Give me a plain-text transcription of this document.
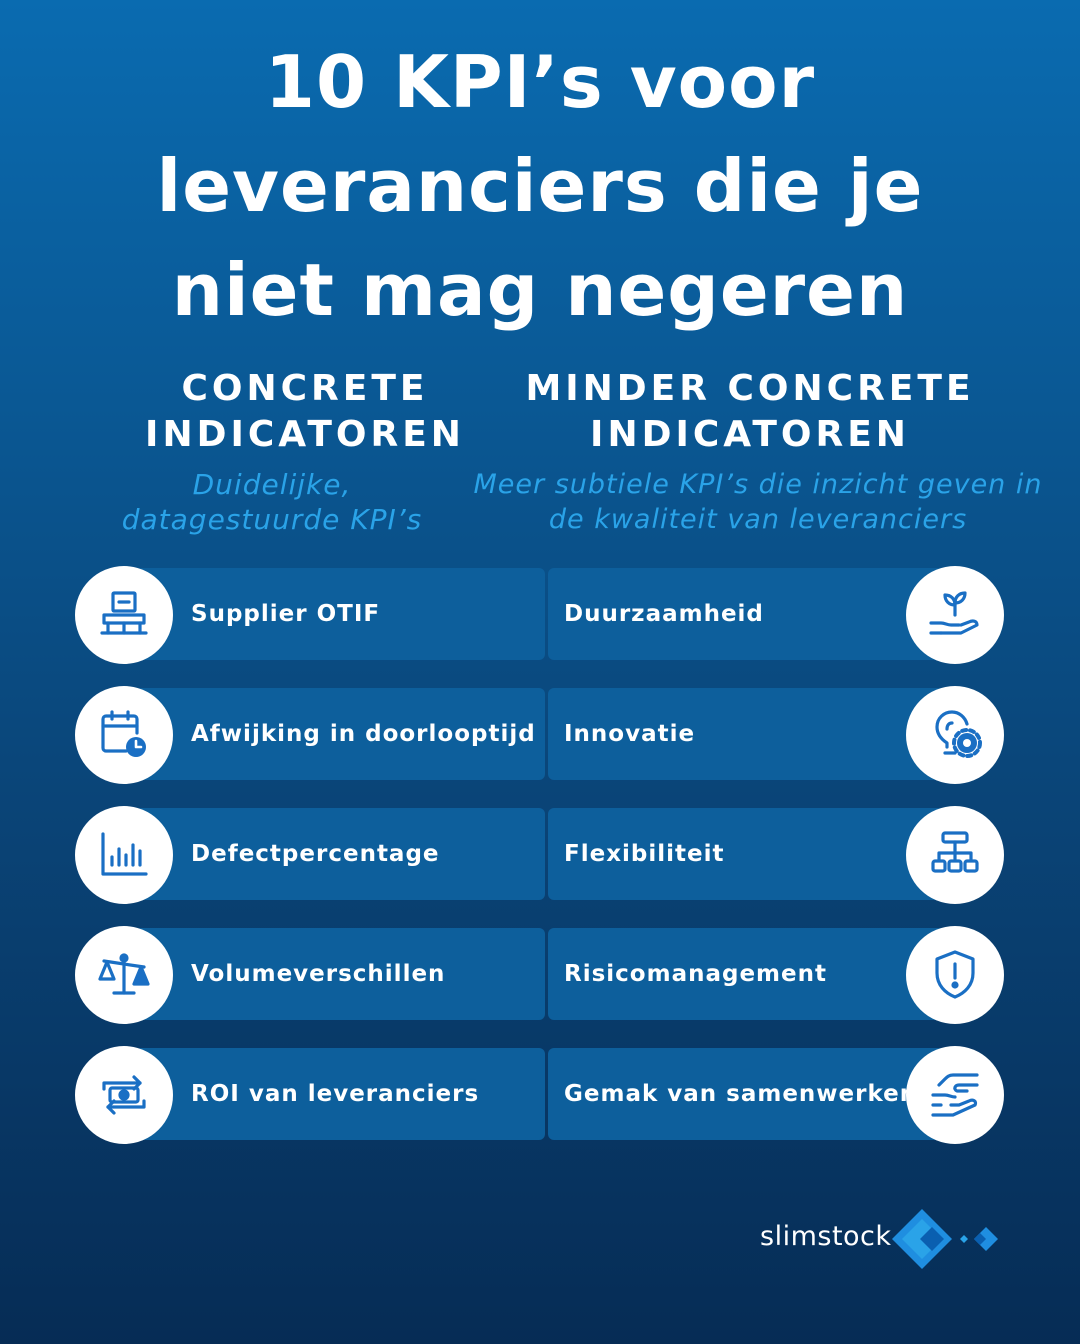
10 KPI’s voor
leveranciers die je
niet mag negeren
CONCRETE
INDICATOREN
Duidelijke,
datagestuurde KPI’s
MINDER CONCRETE
INDICATOREN
Meer subtiele KPI’s die inzicht geven in
de kwaliteit van leveranciers
Supplier OTIF
Afwijking in doorlooptijd
Defectpercentage
Volumeverschillen
ROI van leveranciers
Duurzaamheid
Innovatie
Flexibiliteit
Risicomanagement
Gemak van samenwerken
slimstock
